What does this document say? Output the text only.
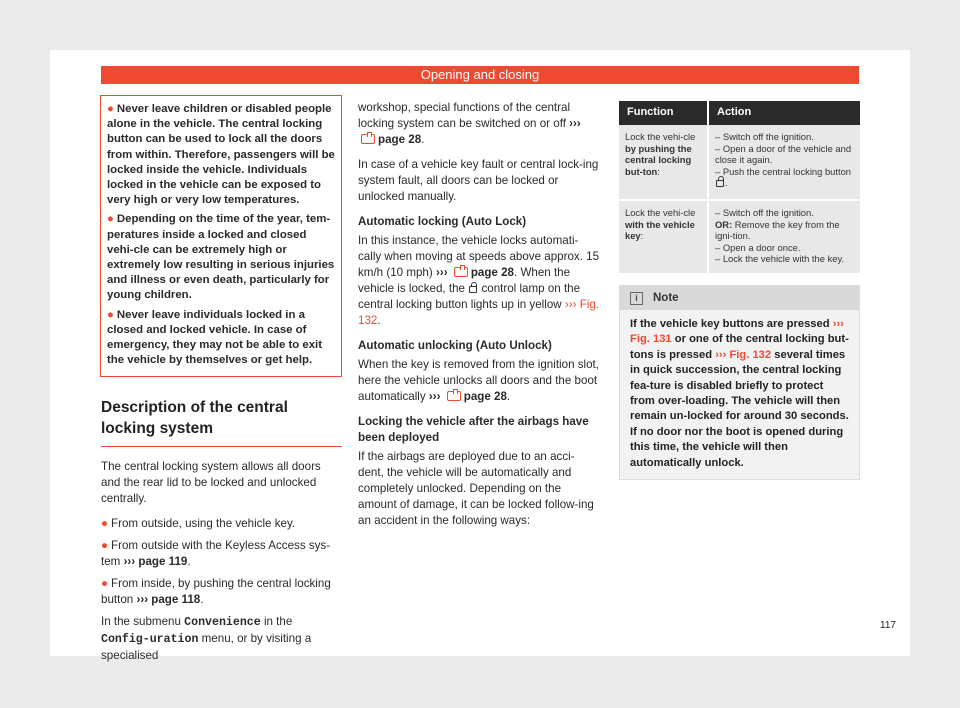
Opening and closing
● Never leave children or disabled people alone in the vehicle. The central locking button can be used to lock all the doors from within. Therefore, passengers will be locked inside the vehicle. Individuals locked in the vehicle can be exposed to very high or very low temperatures.
● Depending on the time of the year, tem-peratures inside a locked and closed vehi-cle can be extremely high or extremely low resulting in serious injuries and illness or even death, particularly for young children.
● Never leave individuals locked in a closed and locked vehicle. In case of emergency, they may not be able to exit the vehicle by themselves or get help.
Description of the central locking system

The central locking system allows all doors and the rear lid to be locked and unlocked centrally.

● From outside, using the vehicle key.

● From outside with the Keyless Access sys-tem ››› page 119.

● From inside, by pushing the central locking button ››› page 118.

In the submenu Convenience in the Config-uration menu, or by visiting a specialised

workshop, special functions of the central locking system can be switched on or off ››› page 28.

In case of a vehicle key fault or central lock-ing system fault, all doors can be locked or unlocked manually.

Automatic locking (Auto Lock)

In this instance, the vehicle locks automati-cally when moving at speeds above approx. 15 km/h (10 mph) ››› page 28. When the vehicle is locked, the control lamp on the central locking button lights up in yellow ››› Fig. 132.

Automatic unlocking (Auto Unlock)

When the key is removed from the ignition slot, here the vehicle unlocks all doors and the boot automatically ››› page 28.

Locking the vehicle after the airbags have been deployed

If the airbags are deployed due to an acci-dent, the vehicle will be automatically and completely unlocked. Depending on the amount of damage, it can be locked follow-ing an accident in the following ways:

Function	Action
Lock the vehi-cle by pushing the central locking but-ton:	– Switch off the ignition.
– Open a door of the vehicle and close it again.
– Push the central locking button
.

Lock the vehi-cle with the vehicle key:	– Switch off the ignition.
OR: Remove the key from the igni-tion.
– Open a door once.
– Lock the vehicle with the key.
i Note
If the vehicle key buttons are pressed ››› Fig. 131 or one of the central locking but-tons is pressed ››› Fig. 132 several times in quick succession, the central locking fea-ture is disabled briefly to protect from over-loading. The vehicle will then remain un-locked for around 30 seconds. If no door nor the boot is opened during this time, the vehicle will then automatically unlock.
117
